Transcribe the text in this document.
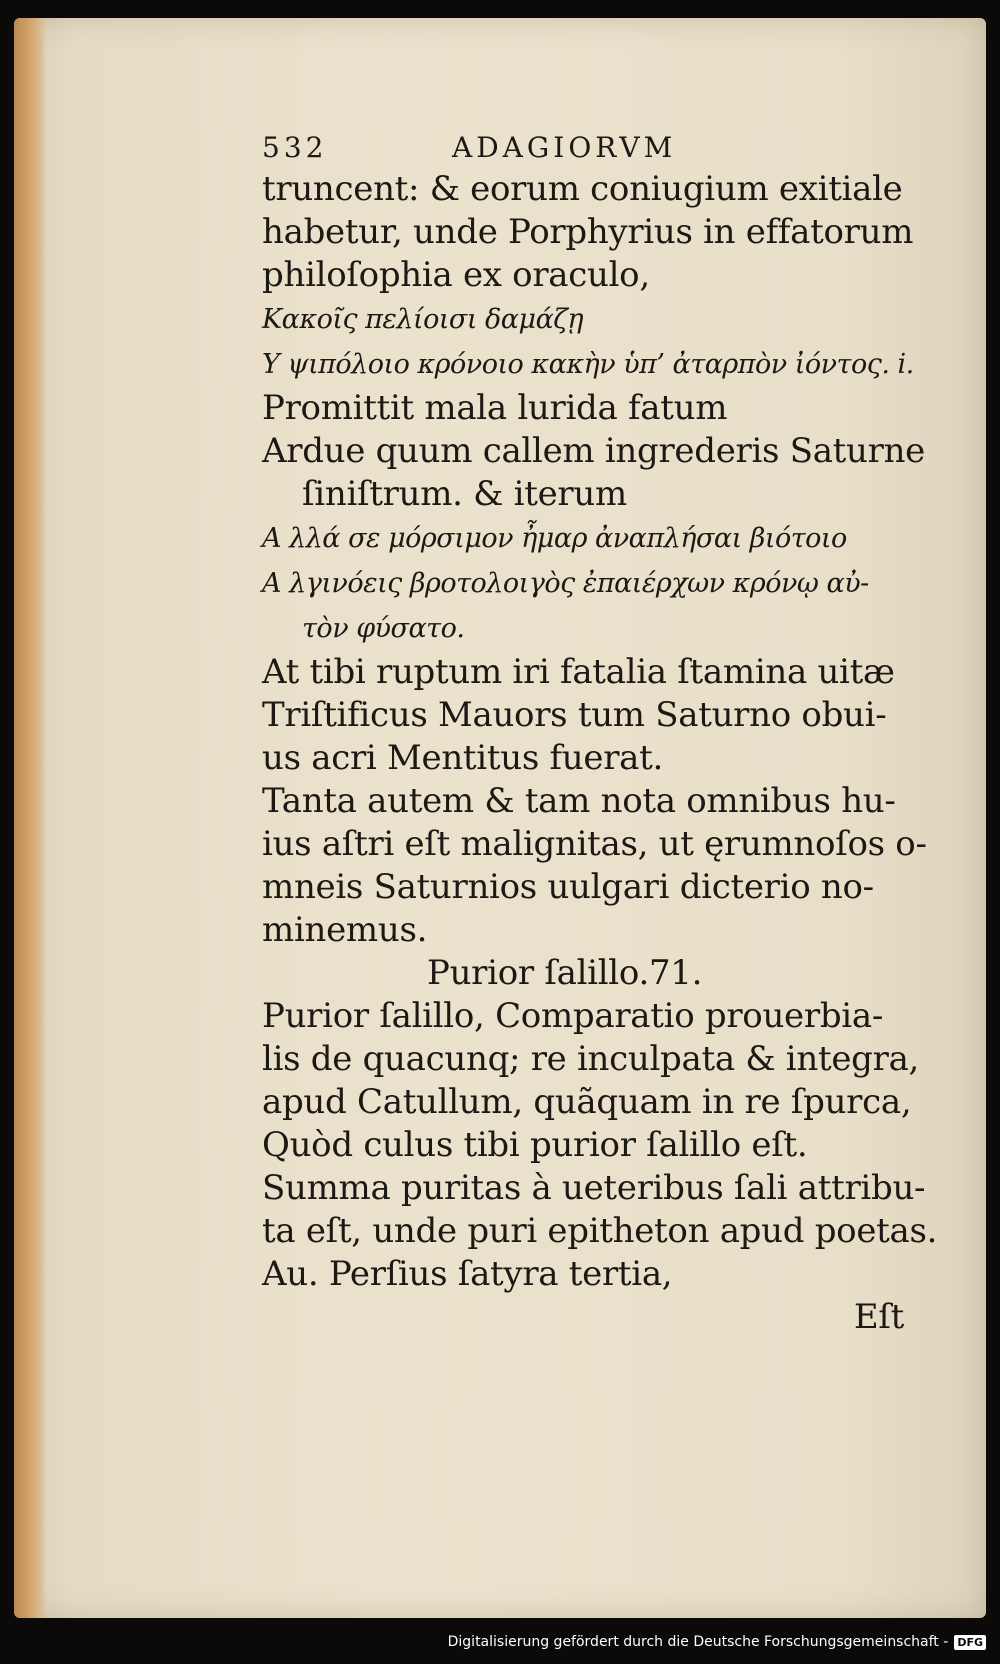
532	ADAGIORVM
truncent: & eorum coniugium exitiale
habetur, unde Porphyrius in effatorum
philoſophia ex oraculo,
Κακοῖς πελίοισι δαμάζῃ
Υ ψιπόλοιο κρόνοιο κακὴν ὑπ’ ἀταρπὸν ἰόντος. i.
Promittit mala lurida fatum
Ardue quum callem ingrederis Saturne
ſiniſtrum. & iterum
Α λλά σε μόρσιμον ἦμαρ ἀναπλήσαι βιότοιο
Α λγινόεις βροτολοιγὸς ἐπαιέρχων κρόνῳ αὐ-
τὸν φύσατο.
At tibi ruptum iri fatalia ſtamina uitæ
Triſtificus Mauors tum Saturno obui-
us acri Mentitus fuerat.
Tanta autem & tam nota omnibus hu-
ius aſtri eſt malignitas, ut ęrumnoſos o-
mneis Saturnios uulgari dicterio no-
minemus.
Purior ſalillo.71.
Purior ſalillo, Comparatio prouerbia-
lis de quacunq; re inculpata & integra,
apud Catullum, quãquam in re ſpurca,
Quòd culus tibi purior ſalillo eſt.
Summa puritas à ueteribus ſali attribu-
ta eſt, unde puri epitheton apud poetas.
Au. Perſius ſatyra tertia,
Eſt
Digitalisierung gefördert durch die Deutsche Forschungsgemeinschaft - DFG
